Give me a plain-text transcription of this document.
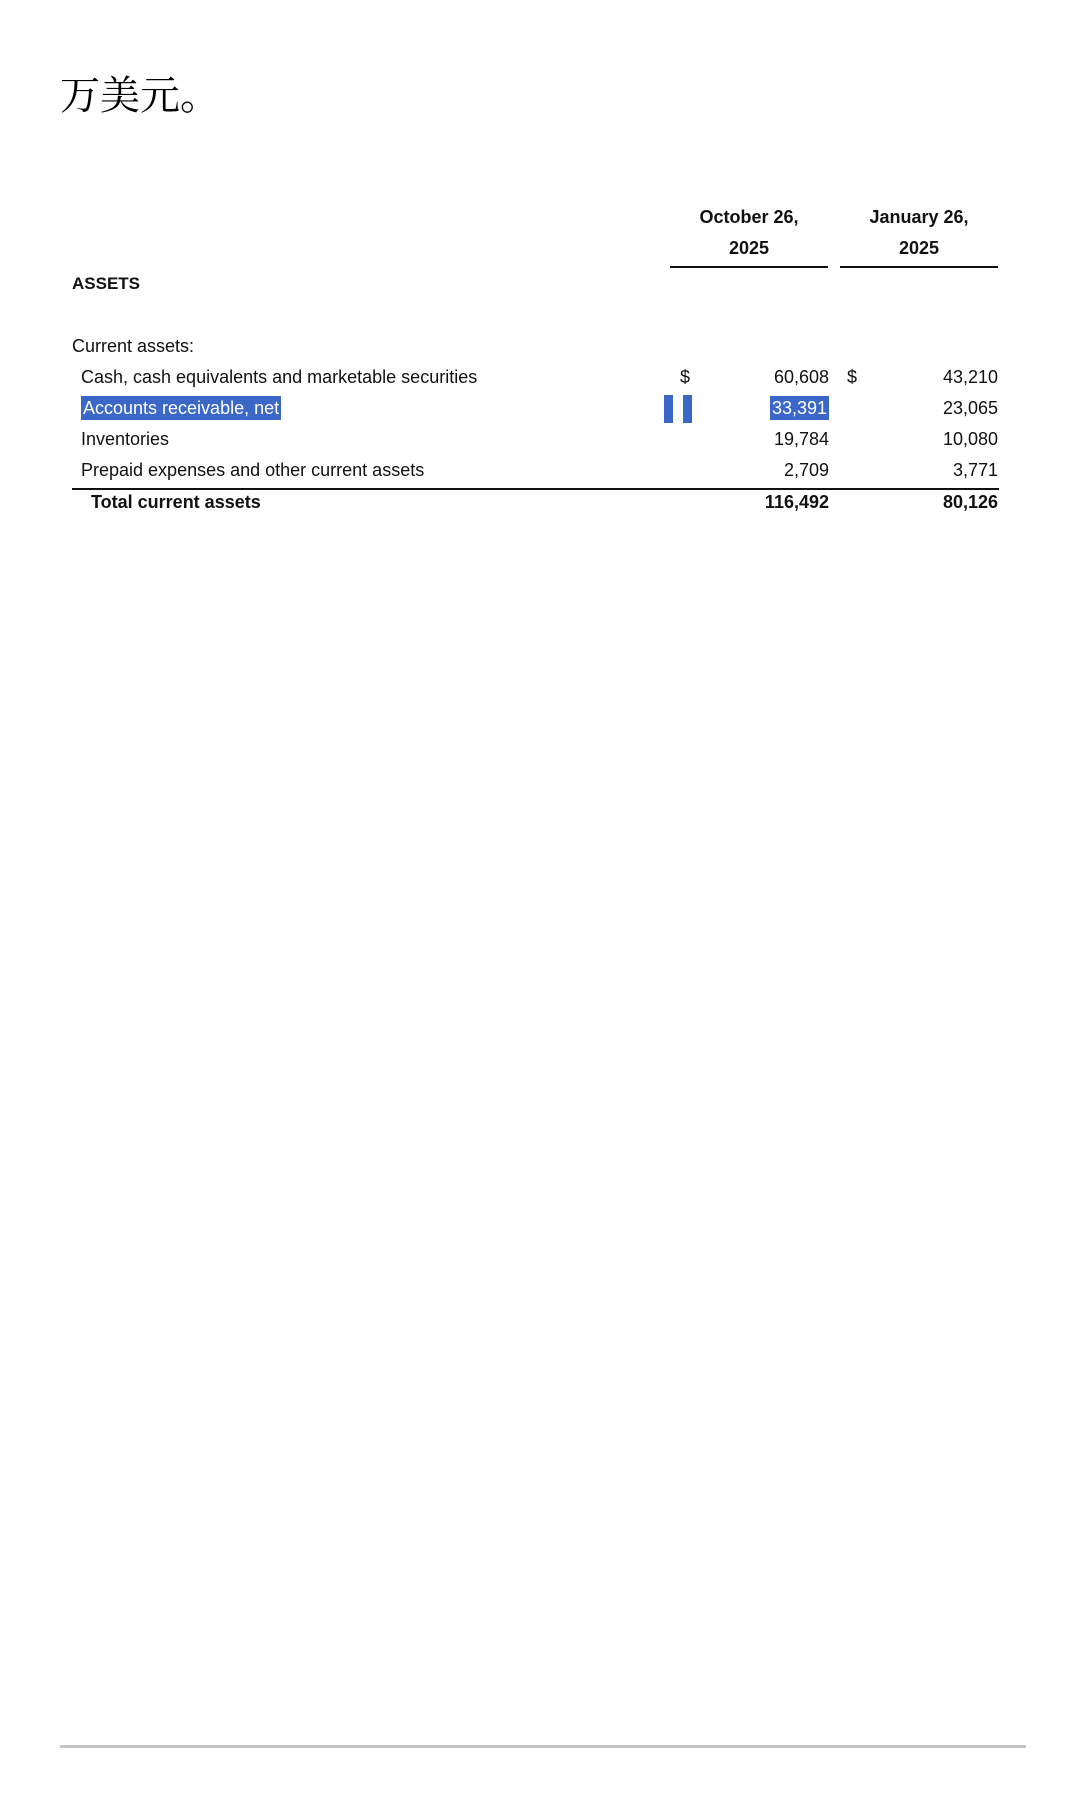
万美元。
October 26,
2025
January 26,
2025
ASSETS
Current assets:
Cash, cash equivalents and marketable securities	$	60,608 $	43,210
Accounts receivable, net	33,391	23,065
Inventories	19,784	10,080
Prepaid expenses and other current assets	2,709	3,771
Total current assets	116,492	80,126
